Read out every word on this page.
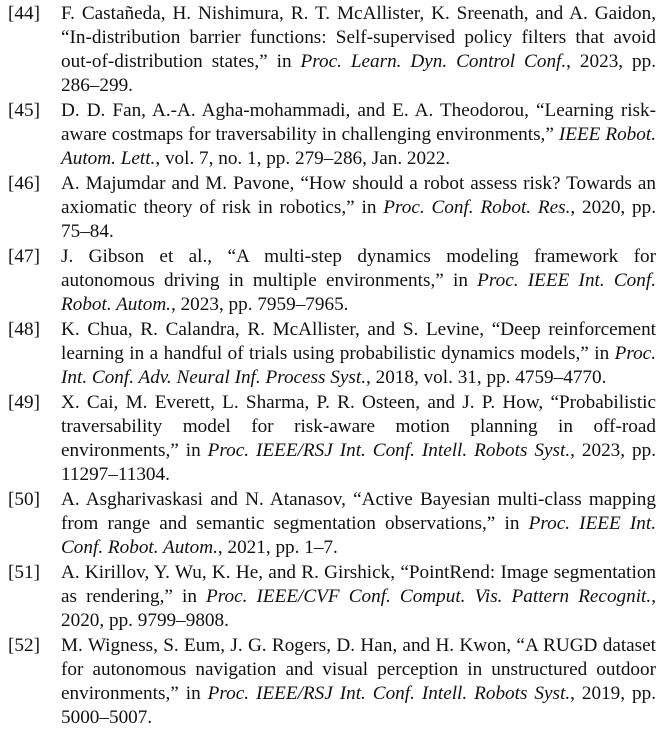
[44] F. Castañeda, H. Nishimura, R. T. McAllister, K. Sreenath, and A. Gaidon, “In-distribution barrier functions: Self-supervised policy filters that avoid out-of-distribution states,” in Proc. Learn. Dyn. Control Conf., 2023, pp. 286–299.
[45] D. D. Fan, A.-A. Agha-mohammadi, and E. A. Theodorou, “Learning risk-aware costmaps for traversability in challenging environments,” IEEE Robot. Autom. Lett., vol. 7, no. 1, pp. 279–286, Jan. 2022.
[46] A. Majumdar and M. Pavone, “How should a robot assess risk? Towards an axiomatic theory of risk in robotics,” in Proc. Conf. Robot. Res., 2020, pp. 75–84.
[47] J. Gibson et al., “A multi-step dynamics modeling framework for autonomous driving in multiple environments,” in Proc. IEEE Int. Conf. Robot. Autom., 2023, pp. 7959–7965.
[48] K. Chua, R. Calandra, R. McAllister, and S. Levine, “Deep reinforcement learning in a handful of trials using probabilistic dynamics models,” in Proc. Int. Conf. Adv. Neural Inf. Process Syst., 2018, vol. 31, pp. 4759–4770.
[49] X. Cai, M. Everett, L. Sharma, P. R. Osteen, and J. P. How, “Probabilistic traversability model for risk-aware motion planning in off-road environments,” in Proc. IEEE/RSJ Int. Conf. Intell. Robots Syst., 2023, pp. 11297–11304.
[50] A. Asgharivaskasi and N. Atanasov, “Active Bayesian multi-class mapping from range and semantic segmentation observations,” in Proc. IEEE Int. Conf. Robot. Autom., 2021, pp. 1–7.
[51] A. Kirillov, Y. Wu, K. He, and R. Girshick, “PointRend: Image segmentation as rendering,” in Proc. IEEE/CVF Conf. Comput. Vis. Pattern Recognit., 2020, pp. 9799–9808.
[52] M. Wigness, S. Eum, J. G. Rogers, D. Han, and H. Kwon, “A RUGD dataset for autonomous navigation and visual perception in unstructured outdoor environments,” in Proc. IEEE/RSJ Int. Conf. Intell. Robots Syst., 2019, pp. 5000–5007.
